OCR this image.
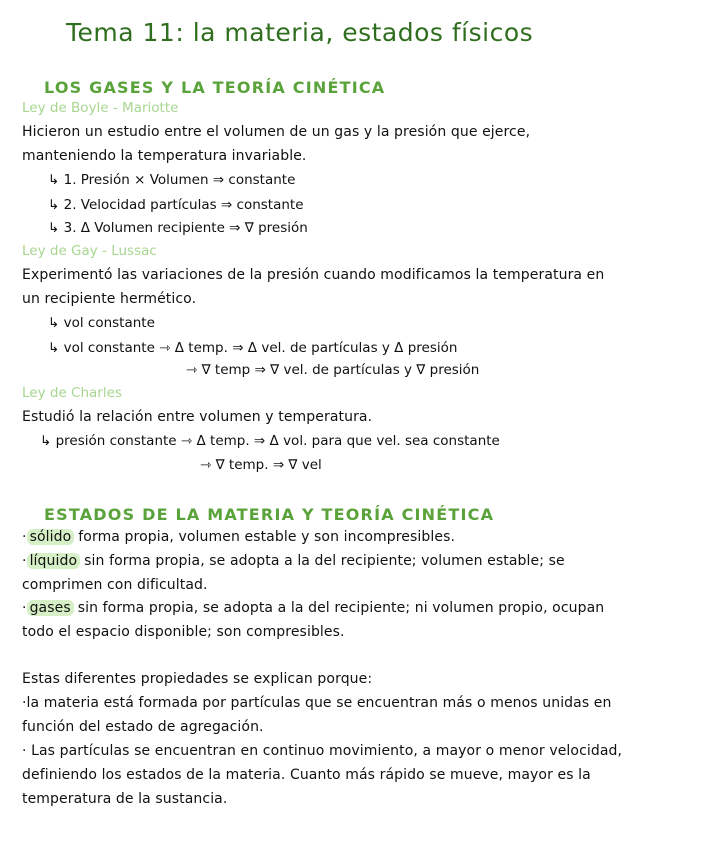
Tema 11: la materia, estados físicos
LOS GASES Y LA TEORÍA CINÉTICA
Ley de Boyle - Mariotte
Hicieron un estudio entre el volumen de un gas y la presión que ejerce,
manteniendo la temperatura invariable.
↳ 1. Presión × Volumen ⇒ constante
↳ 2. Velocidad partículas ⇒ constante
↳ 3. Δ Volumen recipiente ⇒ ∇ presión
Ley de Gay - Lussac
Experimentó las variaciones de la presión cuando modificamos la temperatura en
un recipiente hermético.
↳ vol constante
↳ vol constante ⇾ Δ temp. ⇒ Δ vel. de partículas y Δ presión
⇾ ∇ temp ⇒ ∇ vel. de partículas y ∇ presión
Ley de Charles
Estudió la relación entre volumen y temperatura.
↳ presión constante ⇾ Δ temp. ⇒ Δ vol. para que vel. sea constante
⇾ ∇ temp. ⇒ ∇ vel
ESTADOS DE LA MATERIA Y TEORÍA CINÉTICA
· sólido forma propia, volumen estable y son incompresibles.
· líquido sin forma propia, se adopta a la del recipiente; volumen estable; se
comprimen con dificultad.
· gases sin forma propia, se adopta a la del recipiente; ni volumen propio, ocupan
todo el espacio disponible; son compresibles.
Estas diferentes propiedades se explican porque:
·la materia está formada por partículas que se encuentran más o menos unidas en
función del estado de agregación.
· Las partículas se encuentran en continuo movimiento, a mayor o menor velocidad,
definiendo los estados de la materia. Cuanto más rápido se mueve, mayor es la
temperatura de la sustancia.
